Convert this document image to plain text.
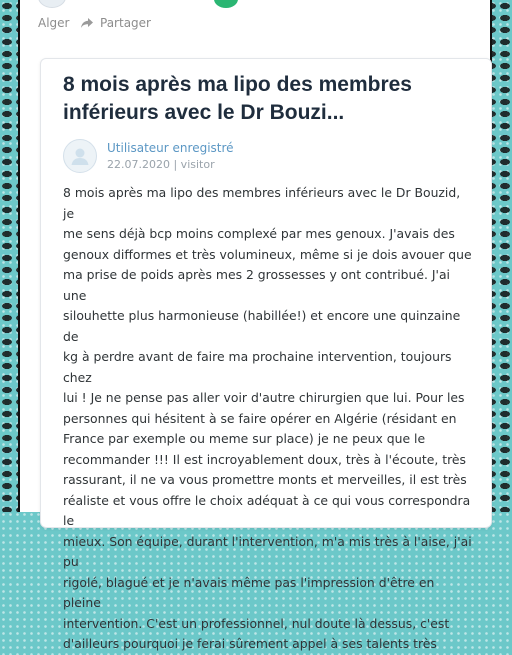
Alger	Partager
8 mois après ma lipo des membres inférieurs avec le Dr Bouzi...
Utilisateur enregistré
22.07.2020 | visitor

8 mois après ma lipo des membres inférieurs avec le Dr Bouzid, je
me sens déjà bcp moins complexé par mes genoux. J'avais des
genoux difformes et très volumineux, même si je dois avouer que
ma prise de poids après mes 2 grossesses y ont contribué. J'ai une
silouhette plus harmonieuse (habillée!) et encore une quinzaine de
kg à perdre avant de faire ma prochaine intervention, toujours chez
lui ! Je ne pense pas aller voir d'autre chirurgien que lui. Pour les
personnes qui hésitent à se faire opérer en Algérie (résidant en
France par exemple ou meme sur place) je ne peux que le
recommander !!! Il est incroyablement doux, très à l'écoute, très
rassurant, il ne va vous promettre monts et merveilles, il est très
réaliste et vous offre le choix adéquat à ce qui vous correspondra le
mieux. Son équipe, durant l'intervention, m'a mis très à l'aise, j'ai pu
rigolé, blagué et je n'avais même pas l'impression d'être en pleine
intervention. C'est un professionnel, nul doute là dessus, c'est
d'ailleurs pourquoi je ferai sûrement appel à ses talents très
